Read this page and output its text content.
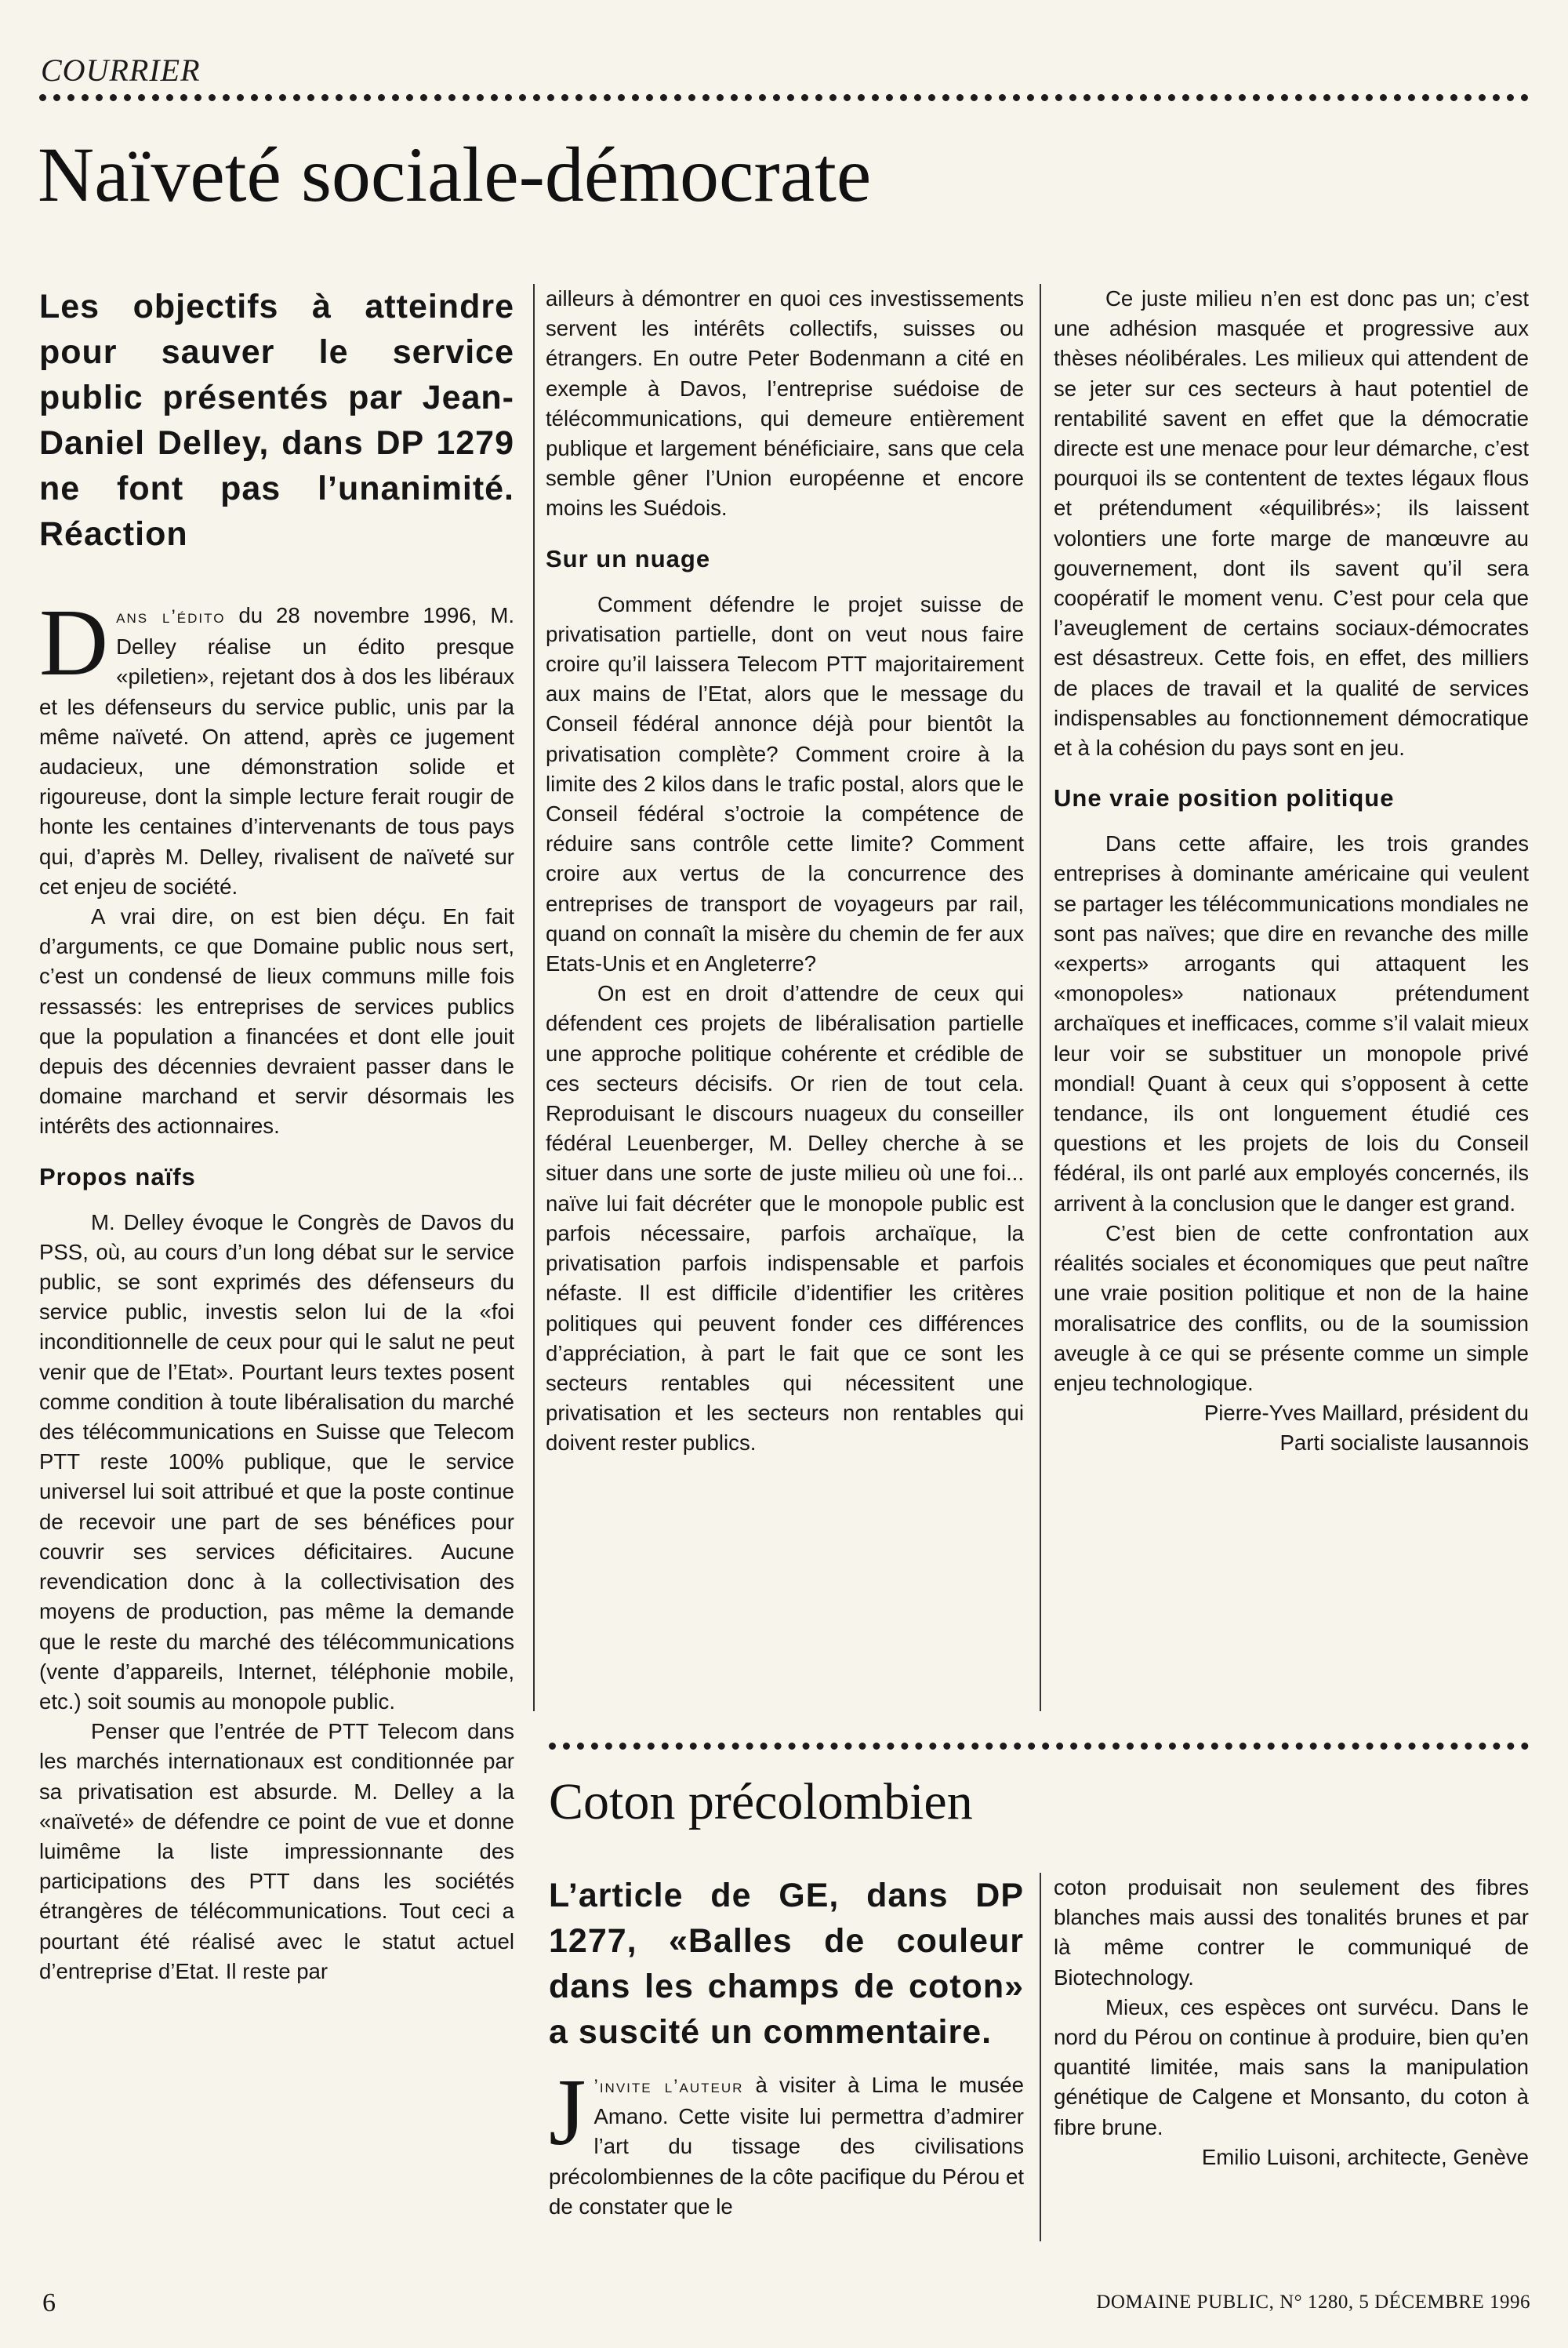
COURRIER
Naïveté sociale-démocrate

Les objectifs à atteindre pour sauver le service public présentés par Jean-Daniel Delley, dans DP 1279 ne font pas l’unanimité. Réaction

Dans l’édito du 28 novembre 1996, M. Delley réalise un édito presque «piletien», rejetant dos à dos les libéraux et les défenseurs du service public, unis par la même naïveté. On attend, après ce jugement audacieux, une démonstration solide et rigoureuse, dont la simple lecture ferait rougir de honte les centaines d’intervenants de tous pays qui, d’après M. Delley, rivalisent de naïveté sur cet enjeu de société.

A vrai dire, on est bien déçu. En fait d’arguments, ce que Domaine public nous sert, c’est un condensé de lieux communs mille fois ressassés: les entreprises de services publics que la population a financées et dont elle jouit depuis des décennies devraient passer dans le domaine marchand et servir désormais les intérêts des actionnaires.

Propos naïfs

M. Delley évoque le Congrès de Davos du PSS, où, au cours d’un long débat sur le service public, se sont exprimés des défenseurs du service public, investis selon lui de la «foi inconditionnelle de ceux pour qui le salut ne peut venir que de l’Etat». Pourtant leurs textes posent comme condition à toute libéralisation du marché des télécommunications en Suisse que Telecom PTT reste 100% publique, que le service universel lui soit attribué et que la poste continue de recevoir une part de ses bénéfices pour couvrir ses services déficitaires. Aucune revendication donc à la collectivisation des moyens de production, pas même la demande que le reste du marché des télécommunications (vente d’appareils, Internet, téléphonie mobile, etc.) soit soumis au monopole public.

Penser que l’entrée de PTT Telecom dans les marchés internationaux est conditionnée par sa privatisation est absurde. M. Delley a la «naïveté» de défendre ce point de vue et donne luimême la liste impressionnante des participations des PTT dans les sociétés étrangères de télécommunications. Tout ceci a pourtant été réalisé avec le statut actuel d’entreprise d’Etat. Il reste par

ailleurs à démontrer en quoi ces investissements servent les intérêts collectifs, suisses ou étrangers. En outre Peter Bodenmann a cité en exemple à Davos, l’entreprise suédoise de télécommunications, qui demeure entièrement publique et largement bénéficiaire, sans que cela semble gêner l’Union européenne et encore moins les Suédois.

Sur un nuage

Comment défendre le projet suisse de privatisation partielle, dont on veut nous faire croire qu’il laissera Telecom PTT majoritairement aux mains de l’Etat, alors que le message du Conseil fédéral annonce déjà pour bientôt la privatisation complète? Comment croire à la limite des 2 kilos dans le trafic postal, alors que le Conseil fédéral s’octroie la compétence de réduire sans contrôle cette limite? Comment croire aux vertus de la concurrence des entreprises de transport de voyageurs par rail, quand on connaît la misère du chemin de fer aux Etats-Unis et en Angleterre?

On est en droit d’attendre de ceux qui défendent ces projets de libéralisation partielle une approche politique cohérente et crédible de ces secteurs décisifs. Or rien de tout cela. Reproduisant le discours nuageux du conseiller fédéral Leuenberger, M. Delley cherche à se situer dans une sorte de juste milieu où une foi... naïve lui fait décréter que le monopole public est parfois nécessaire, parfois archaïque, la privatisation parfois indispensable et parfois néfaste. Il est difficile d’identifier les critères politiques qui peuvent fonder ces différences d’appréciation, à part le fait que ce sont les secteurs rentables qui nécessitent une privatisation et les secteurs non rentables qui doivent rester publics.

Ce juste milieu n’en est donc pas un; c’est une adhésion masquée et progressive aux thèses néolibérales. Les milieux qui attendent de se jeter sur ces secteurs à haut potentiel de rentabilité savent en effet que la démocratie directe est une menace pour leur démarche, c’est pourquoi ils se contentent de textes légaux flous et prétendument «équilibrés»; ils laissent volontiers une forte marge de manœuvre au gouvernement, dont ils savent qu’il sera coopératif le moment venu. C’est pour cela que l’aveuglement de certains sociaux-démocrates est désastreux. Cette fois, en effet, des milliers de places de travail et la qualité de services indispensables au fonctionnement démocratique et à la cohésion du pays sont en jeu.

Une vraie position politique

Dans cette affaire, les trois grandes entreprises à dominante américaine qui veulent se partager les télécommunications mondiales ne sont pas naïves; que dire en revanche des mille «experts» arrogants qui attaquent les «monopoles» nationaux prétendument archaïques et inefficaces, comme s’il valait mieux leur voir se substituer un monopole privé mondial! Quant à ceux qui s’opposent à cette tendance, ils ont longuement étudié ces questions et les projets de lois du Conseil fédéral, ils ont parlé aux employés concernés, ils arrivent à la conclusion que le danger est grand.

C’est bien de cette confrontation aux réalités sociales et économiques que peut naître une vraie position politique et non de la haine moralisatrice des conflits, ou de la soumission aveugle à ce qui se présente comme un simple enjeu technologique.

Pierre-Yves Maillard, président du
Parti socialiste lausannois
Coton précolombien

L’article de GE, dans DP 1277, «Balles de couleur dans les champs de coton» a suscité un commentaire.

J ’invite l’auteur à visiter à Lima le musée Amano. Cette visite lui permettra d’admirer l’art du tissage des civilisations précolombiennes de la côte pacifique du Pérou et de constater que le

coton produisait non seulement des fibres blanches mais aussi des tonalités brunes et par là même contrer le communiqué de Biotechnology.

Mieux, ces espèces ont survécu. Dans le nord du Pérou on continue à produire, bien qu’en quantité limitée, mais sans la manipulation génétique de Calgene et Monsanto, du coton à fibre brune.

Emilio Luisoni, architecte, Genève
6	DOMAINE PUBLIC, N° 1280, 5 DÉCEMBRE 1996
